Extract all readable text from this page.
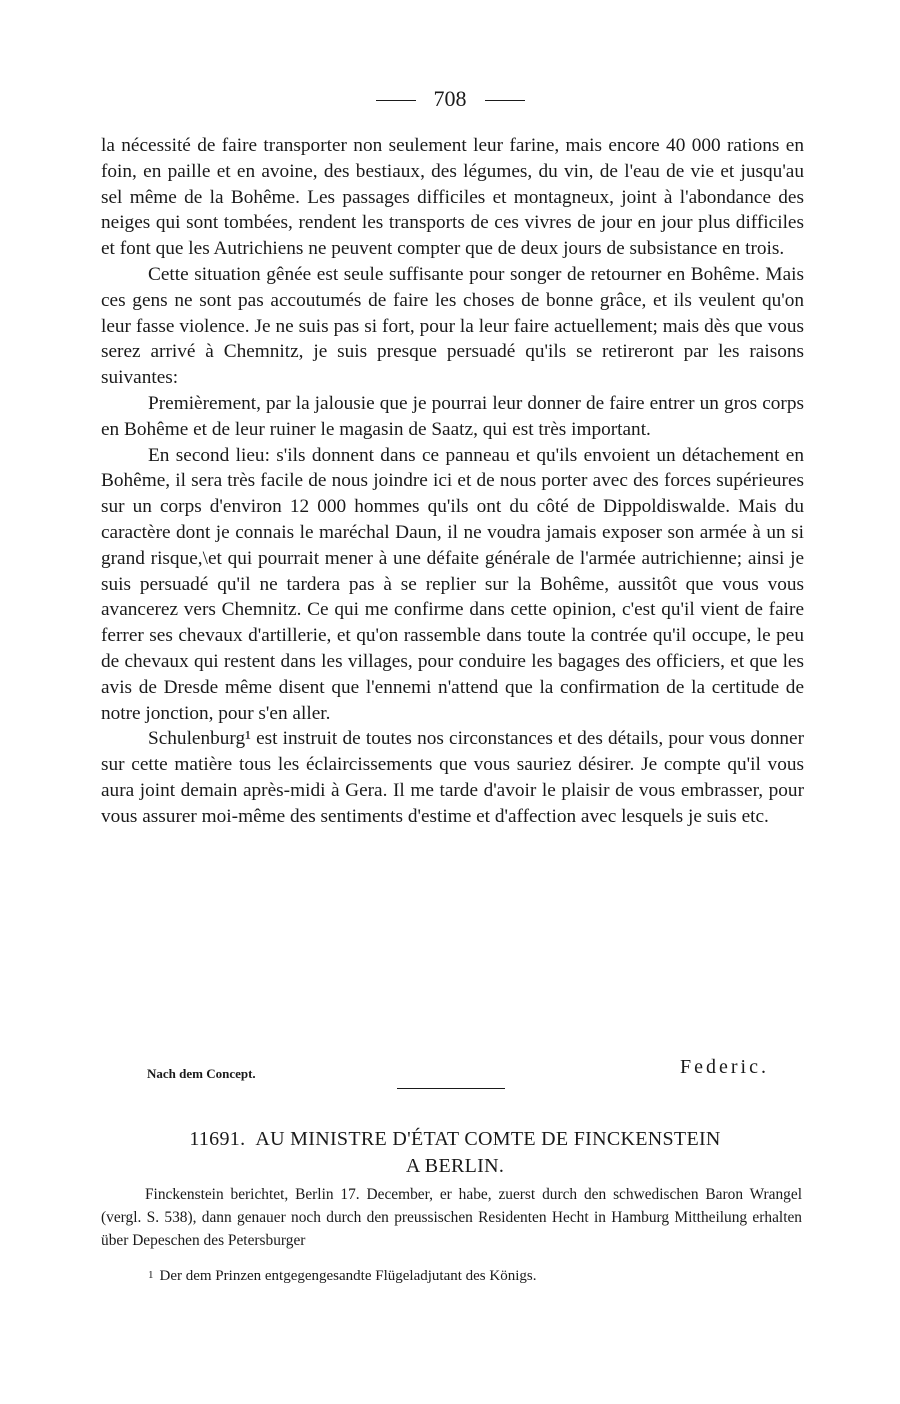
708

la nécessité de faire transporter non seulement leur farine, mais encore 40 000 rations en foin, en paille et en avoine, des bestiaux, des légumes, du vin, de l'eau de vie et jusqu'au sel même de la Bohême. Les passages difficiles et montagneux, joint à l'abondance des neiges qui sont tombées, rendent les transports de ces vivres de jour en jour plus difficiles et font que les Autrichiens ne peuvent compter que de deux jours de subsistance en trois.

Cette situation gênée est seule suffisante pour songer de retourner en Bohême. Mais ces gens ne sont pas accoutumés de faire les choses de bonne grâce, et ils veulent qu'on leur fasse violence. Je ne suis pas si fort, pour la leur faire actuellement; mais dès que vous serez arrivé à Chemnitz, je suis presque persuadé qu'ils se retireront par les raisons suivantes:

Premièrement, par la jalousie que je pourrai leur donner de faire entrer un gros corps en Bohême et de leur ruiner le magasin de Saatz, qui est très important.

En second lieu: s'ils donnent dans ce panneau et qu'ils envoient un détachement en Bohême, il sera très facile de nous joindre ici et de nous porter avec des forces supérieures sur un corps d'environ 12 000 hommes qu'ils ont du côté de Dippoldiswalde. Mais du caractère dont je connais le maréchal Daun, il ne voudra jamais exposer son armée à un si grand risque,\et qui pourrait mener à une défaite générale de l'armée autrichienne; ainsi je suis persuadé qu'il ne tardera pas à se replier sur la Bohême, aussitôt que vous vous avancerez vers Chemnitz. Ce qui me confirme dans cette opinion, c'est qu'il vient de faire ferrer ses chevaux d'artillerie, et qu'on rassemble dans toute la contrée qu'il occupe, le peu de chevaux qui restent dans les villages, pour conduire les bagages des officiers, et que les avis de Dresde même disent que l'ennemi n'attend que la confirmation de la certitude de notre jonction, pour s'en aller.

Schulenburg¹ est instruit de toutes nos circonstances et des détails, pour vous donner sur cette matière tous les éclaircissements que vous sauriez désirer. Je compte qu'il vous aura joint demain après-midi à Gera. Il me tarde d'avoir le plaisir de vous embrasser, pour vous assurer moi-même des sentiments d'estime et d'affection avec lesquels je suis etc.

Nach dem Concept.	Federic.
11691. AU MINISTRE D'ÉTAT COMTE DE FINCKENSTEIN
A BERLIN.

Finckenstein berichtet, Berlin 17. December, er habe, zuerst durch den schwedischen Baron Wrangel (vergl. S. 538), dann genauer noch durch den preussischen Residenten Hecht in Hamburg Mittheilung erhalten über Depeschen des Petersburger

1 Der dem Prinzen entgegengesandte Flügeladjutant des Königs.
